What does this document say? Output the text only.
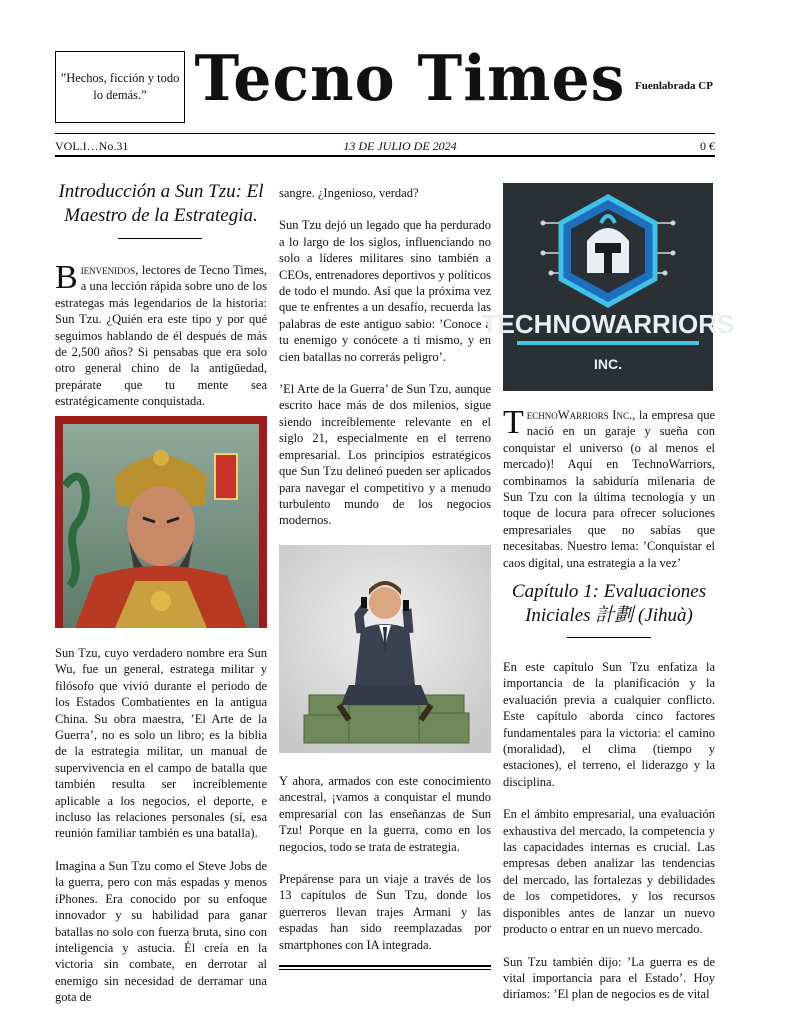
”Hechos, ficción y todo lo demás.” Tecno Times Fuenlabrada CP
VOL.I…No.31	13 DE JULIO DE 2024	0 €
Introducción a Sun Tzu: El Maestro de la Estrategia.

Bienvenidos, lectores de Tecno Times, a una lección rápida sobre uno de los estrategas más legendarios de la historia: Sun Tzu. ¿Quién era este tipo y por qué seguimos hablando de él después de más de 2,500 años? Si pensabas que era solo otro general chino de la antigüedad, prepárate que tu mente sea estratégicamente conquistada.

Sun Tzu, cuyo verdadero nombre era Sun Wu, fue un general, estratega militar y filósofo que vivió durante el periodo de los Estados Combatientes en la antigua China. Su obra maestra, ’El Arte de la Guerra’, no es solo un libro; es la biblia de la estrategia militar, un manual de supervivencia en el campo de batalla que también resulta ser increíblemente aplicable a los negocios, el deporte, e incluso las relaciones personales (sí, esa reunión familiar también es una batalla).

Imagina a Sun Tzu como el Steve Jobs de la guerra, pero con más espadas y menos iPhones. Era conocido por su enfoque innovador y su habilidad para ganar batallas no solo con fuerza bruta, sino con inteligencia y astucia. Él creía en la victoria sin combate, en derrotar al enemigo sin necesidad de derramar una gota de

sangre. ¿Ingenioso, verdad?

Sun Tzu dejó un legado que ha perdurado a lo largo de los siglos, influenciando no solo a líderes militares sino también a CEOs, entrenadores deportivos y políticos de todo el mundo. Así que la próxima vez que te enfrentes a un desafío, recuerda las palabras de este antiguo sabio: ’Conoce a tu enemigo y conócete a ti mismo, y en cien batallas no correrás peligro’.

’El Arte de la Guerra’ de Sun Tzu, aunque escrito hace más de dos milenios, sigue siendo increíblemente relevante en el siglo 21, especialmente en el terreno empresarial. Los principios estratégicos que Sun Tzu delineó pueden ser aplicados para navegar el competitivo y a menudo turbulento mundo de los negocios modernos.

Y ahora, armados con este conocimiento ancestral, ¡vamos a conquistar el mundo empresarial con las enseñanzas de Sun Tzu! Porque en la guerra, como en los negocios, todo se trata de estrategia.

Prepárense para un viaje a través de los 13 capítulos de Sun Tzu, donde los guerreros llevan trajes Armani y las espadas han sido reemplazadas por smartphones con IA integrada.

TECHNOWARRIORS
INC.

TechnoWarriors Inc., la empresa que nació en un garaje y sueña con conquistar el universo (o al menos el mercado)! Aquí en TechnoWarriors, combinamos la sabiduría milenaria de Sun Tzu con la última tecnología y un toque de locura para ofrecer soluciones empresariales que no sabías que necesitabas. Nuestro lema: ’Conquistar el caos digital, una estrategia a la vez’

Capítulo 1: Evaluaciones Iniciales 計劃 (Jihuà)

En este capítulo Sun Tzu enfatiza la importancia de la planificación y la evaluación previa a cualquier conflicto. Este capítulo aborda cinco factores fundamentales para la victoria: el camino (moralidad), el clima (tiempo y estaciones), el terreno, el liderazgo y la disciplina.

En el ámbito empresarial, una evaluación exhaustiva del mercado, la competencia y las capacidades internas es crucial. Las empresas deben analizar las tendencias del mercado, las fortalezas y debilidades de los competidores, y los recursos disponibles antes de lanzar un nuevo producto o entrar en un nuevo mercado.

Sun Tzu también dijo: ’La guerra es de vital importancia para el Estado’. Hoy diríamos: ’El plan de negocios es de vital
